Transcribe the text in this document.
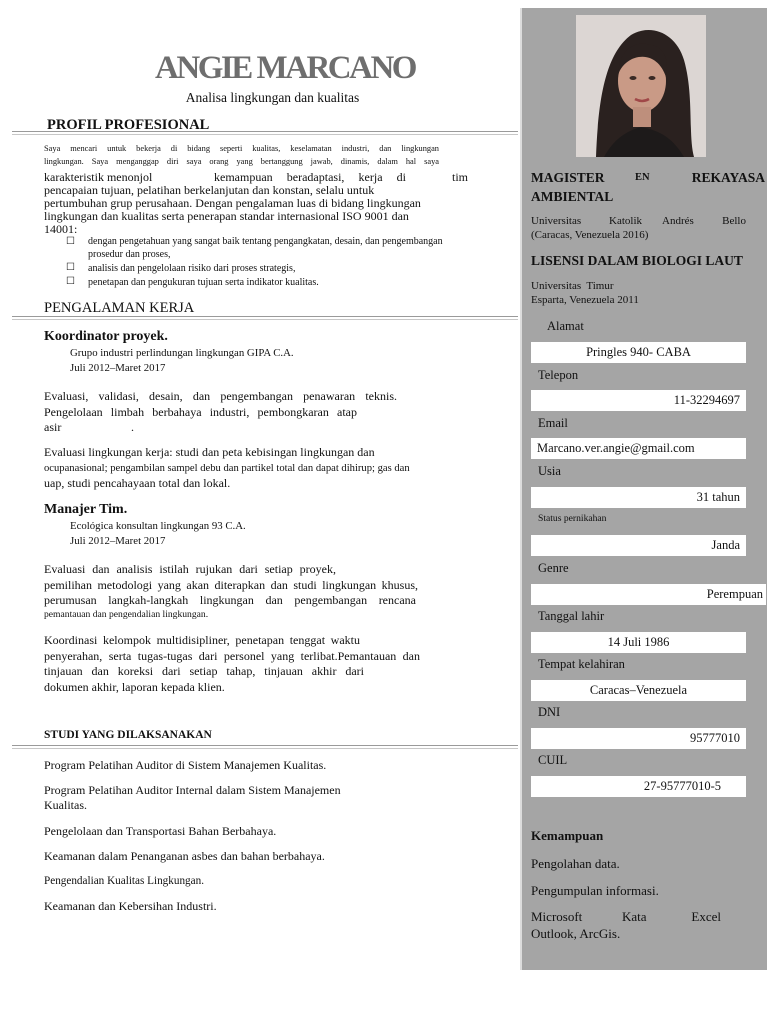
ANGIE MARCANO
Analisa lingkungan dan kualitas
PROFIL PROFESIONAL
Saya mencari untuk bekerja di bidang seperti kualitas, keselamatan industri, dan lingkungan
lingkungan. Saya menganggap diri saya orang yang bertanggung jawab, dinamis, dalam hal saya
karakteristik menonjol	kemampuan beradaptasi, kerja di	tim
pencapaian tujuan, pelatihan berkelanjutan dan konstan, selalu untuk
pertumbuhan grup perusahaan. Dengan pengalaman luas di bidang lingkungan
lingkungan dan kualitas serta penerapan standar internasional ISO 9001 dan
14001:
☐ dengan pengetahuan yang sangat baik tentang pengangkatan, desain, dan pengembangan
prosedur dan proses,
☐ analisis dan pengelolaan risiko dari proses strategis,
☐ penetapan dan pengukuran tujuan serta indikator kualitas.
PENGALAMAN KERJA
Koordinator proyek.
Grupo industri perlindungan lingkungan GIPA C.A.
Juli 2012–Maret 2017
Evaluasi, validasi, desain, dan pengembangan penawaran teknis.
Pengelolaan limbah berbahaya industri, pembongkaran atap
asir	.
Evaluasi lingkungan kerja: studi dan peta kebisingan lingkungan dan
ocupanasional; pengambilan sampel debu dan partikel total dan dapat dihirup; gas dan
uap, studi pencahayaan total dan lokal.
Manajer Tim.
Ecológica konsultan lingkungan 93 C.A.
Juli 2012–Maret 2017
Evaluasi dan analisis istilah rujukan dari setiap proyek,
pemilihan metodologi yang akan diterapkan dan studi lingkungan khusus,
perumusan langkah-langkah lingkungan dan pengembangan rencana
pemantauan dan pengendalian lingkungan.
Koordinasi kelompok multidisipliner, penetapan tenggat waktu
penyerahan, serta tugas-tugas dari personel yang terlibat.Pemantauan dan
tinjauan dan koreksi dari setiap tahap, tinjauan akhir dari
dokumen akhir, laporan kepada klien.
STUDI YANG DILAKSANAKAN
Program Pelatihan Auditor di Sistem Manajemen Kualitas.
Program Pelatihan Auditor Internal dalam Sistem Manajemen
Kualitas.
Pengelolaan dan Transportasi Bahan Berbahaya.
Keamanan dalam Penanganan asbes dan bahan berbahaya.
Pengendalian Kualitas Lingkungan.
Keamanan dan Kebersihan Industri.
MAGISTER	EN	REKAYASA
AMBIENTAL
Universitas	Katolik Andrés	Bello
(Caracas, Venezuela 2016)
LISENSI DALAM BIOLOGI LAUT
Universitas  Timur
Esparta, Venezuela 2011
Alamat
Pringles 940- CABA
Telepon
11-32294697
Email
Marcano.ver.angie@gmail.com
Usia
31 tahun
Status pernikahan
Janda
Genre
Perempuan
Tanggal lahir
14 Juli 1986
Tempat kelahiran
Caracas–Venezuela
DNI
95777010
CUIL
27-95777010-5
Kemampuan
Pengolahan data.
Pengumpulan informasi.
Microsoft	Kata	Excel
Outlook, ArcGis.
